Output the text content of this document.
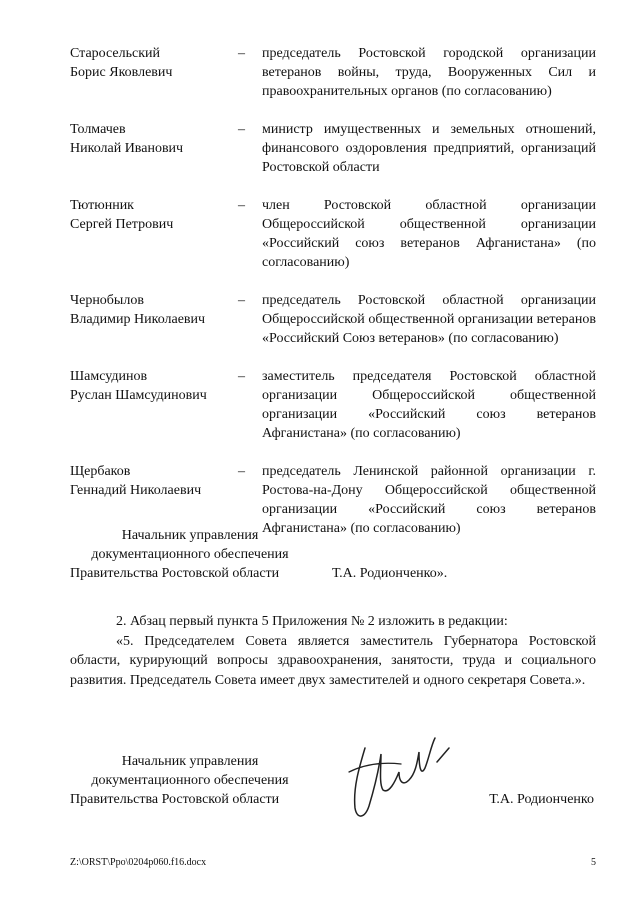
Старосельский
Борис Яковлевич
–	председатель Ростовской городской организации ветеранов войны, труда, Вооруженных Сил и правоохранительных органов (по согласованию)
Толмачев
Николай Иванович
–	министр имущественных и земельных отношений, финансового оздоровления предприятий, организаций Ростовской области
Тютюнник
Сергей Петрович
–	член Ростовской областной организации Общероссийской общественной организации «Российский союз ветеранов Афганистана» (по согласованию)
Чернобылов
Владимир Николаевич
–	председатель Ростовской областной организации Общероссийской общественной организации ветеранов «Российский Союз ветеранов» (по согласованию)
Шамсудинов
Руслан Шамсудинович
–	заместитель председателя Ростовской областной организации Общероссийской общественной организации «Российский союз ветеранов Афганистана» (по согласованию)
Щербаков
Геннадий Николаевич
–	председатель Ленинской районной организации г. Ростова-на-Дону Общероссийской общественной организации «Российский союз ветеранов Афганистана» (по согласованию)
Начальник управления
документационного обеспечения
Правительства Ростовской области	Т.А. Родионченко».

2. Абзац первый пункта 5 Приложения № 2 изложить в редакции:

«5. Председателем Совета является заместитель Губернатора Ростовской области, курирующий вопросы здравоохранения, занятости, труда и социального развития. Председатель Совета имеет двух заместителей и одного секретаря Совета.».

Начальник управления
документационного обеспечения
Правительства Ростовской области	Т.А. Родионченко
Z:\ORST\Ppo\0204p060.f16.docx	5
